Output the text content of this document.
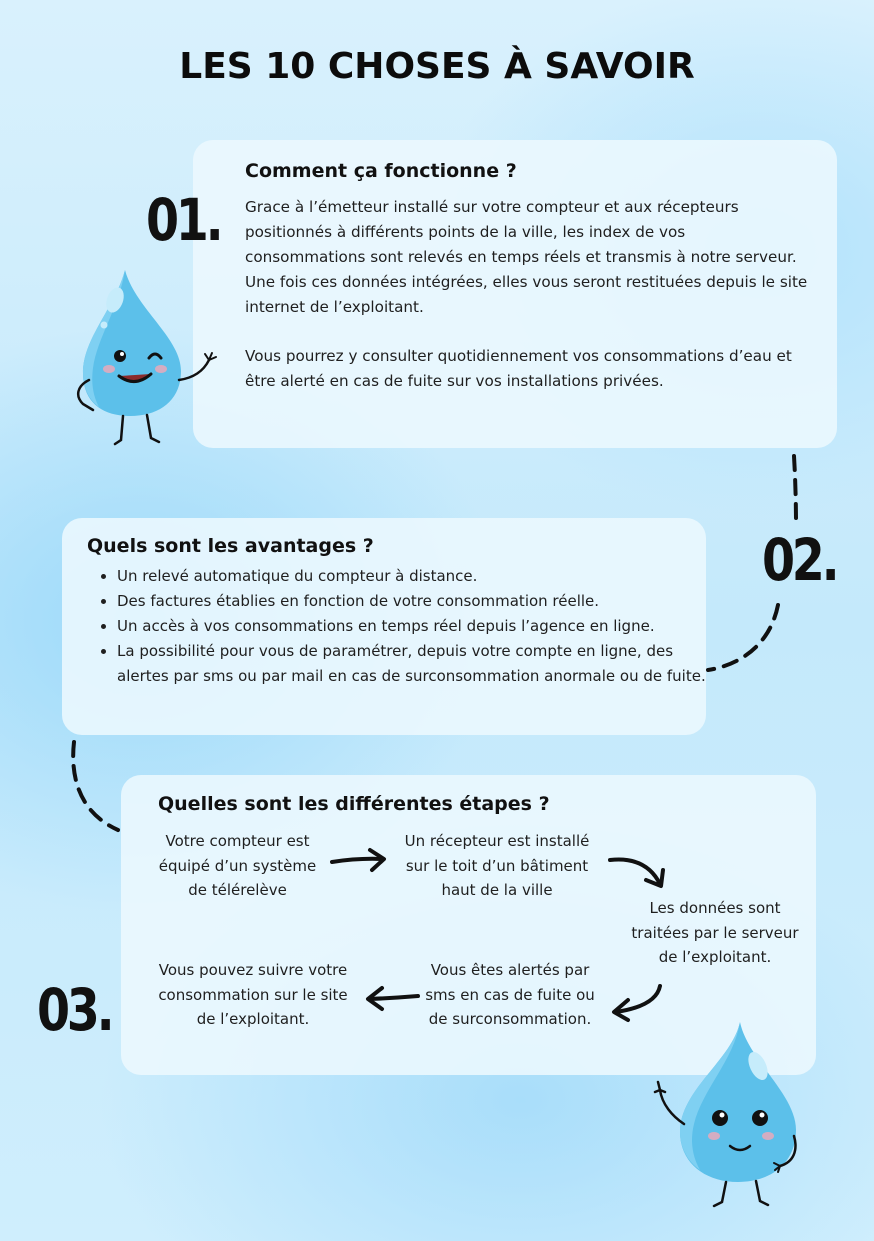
LES 10 CHOSES À SAVOIR
01.
Comment ça fonctionne ?
Grace à l’émetteur installé sur votre compteur et aux récepteurs positionnés à différents points de la ville, les index de vos consommations sont relevés en temps réels et transmis à notre serveur. Une fois ces données intégrées, elles vous seront restituées depuis le site internet de l’exploitant.
Vous pourrez y consulter quotidiennement vos consommations d’eau et être alerté en cas de fuite sur vos installations privées.
02.
Quels sont les avantages ?
• Un relevé automatique du compteur à distance.
• Des factures établies en fonction de votre consommation réelle.
• Un accès à vos consommations en temps réel depuis l’agence en ligne.
• La possibilité pour vous de paramétrer, depuis votre compte en ligne, des alertes par sms ou par mail en cas de surconsommation anormale ou de fuite.
03.
Quelles sont les différentes étapes ?
Votre compteur est équipé d’un système de télérelève
Un récepteur est installé sur le toit d’un bâtiment haut de la ville
Les données sont traitées par le serveur de l’exploitant.
Vous êtes alertés par sms en cas de fuite ou de surconsommation.
Vous pouvez suivre votre consommation sur le site de l’exploitant.
